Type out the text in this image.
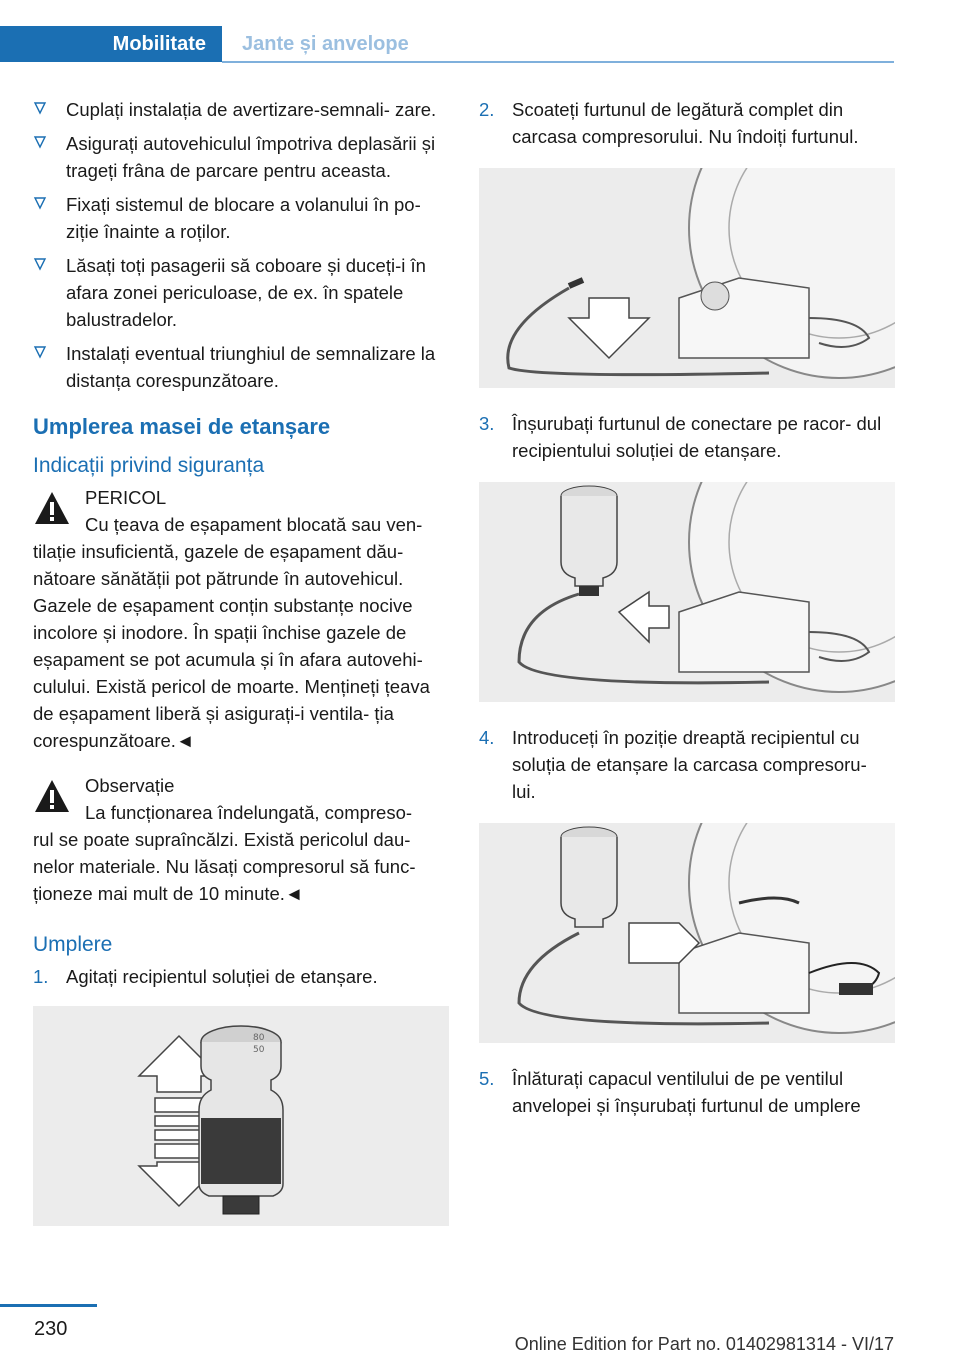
Mobilitate	Jante și anvelope
Cuplați instalația de avertizare-semnali- zare.
Asigurați autovehiculul împotriva deplasării și trageți frâna de parcare pentru aceasta.
Fixați sistemul de blocare a volanului în po- ziție înainte a roților.
Lăsați toți pasagerii să coboare și duceți-i în afara zonei periculoase, de ex. în spatele balustradelor.
Instalați eventual triunghiul de semnalizare la distanța corespunzătoare.
Umplerea masei de etanșare
Indicații privind siguranța
PERICOL
Cu țeava de eșapament blocată sau ven-
tilație insuficientă, gazele de eșapament dău- nătoare sănătății pot pătrunde în autovehicul. Gazele de eșapament conțin substanțe nocive incolore și inodore. În spații închise gazele de eșapament se pot acumula și în afara autovehi- culului. Există pericol de moarte. Mențineți țeava de eșapament liberă și asigurați-i ventila- ția corespunzătoare.◄
Observație
La funcționarea îndelungată, compreso-
rul se poate supraîncălzi. Există pericolul dau- nelor materiale. Nu lăsați compresorul să func- ționeze mai mult de 10 minute.◄
Umplere
1. Agitați recipientul soluției de etanșare.
80
50
2. Scoateți furtunul de legătură complet din carcasa compresorului. Nu îndoiți furtunul.
3. Înșurubați furtunul de conectare pe racor- dul recipientului soluției de etanșare.
4. Introduceți în poziție dreaptă recipientul cu soluția de etanșare la carcasa compresoru- lui.
5. Înlăturați capacul ventilului de pe ventilul anvelopei și înșurubați furtunul de umplere
230
Online Edition for Part no. 01402981314 - VI/17
